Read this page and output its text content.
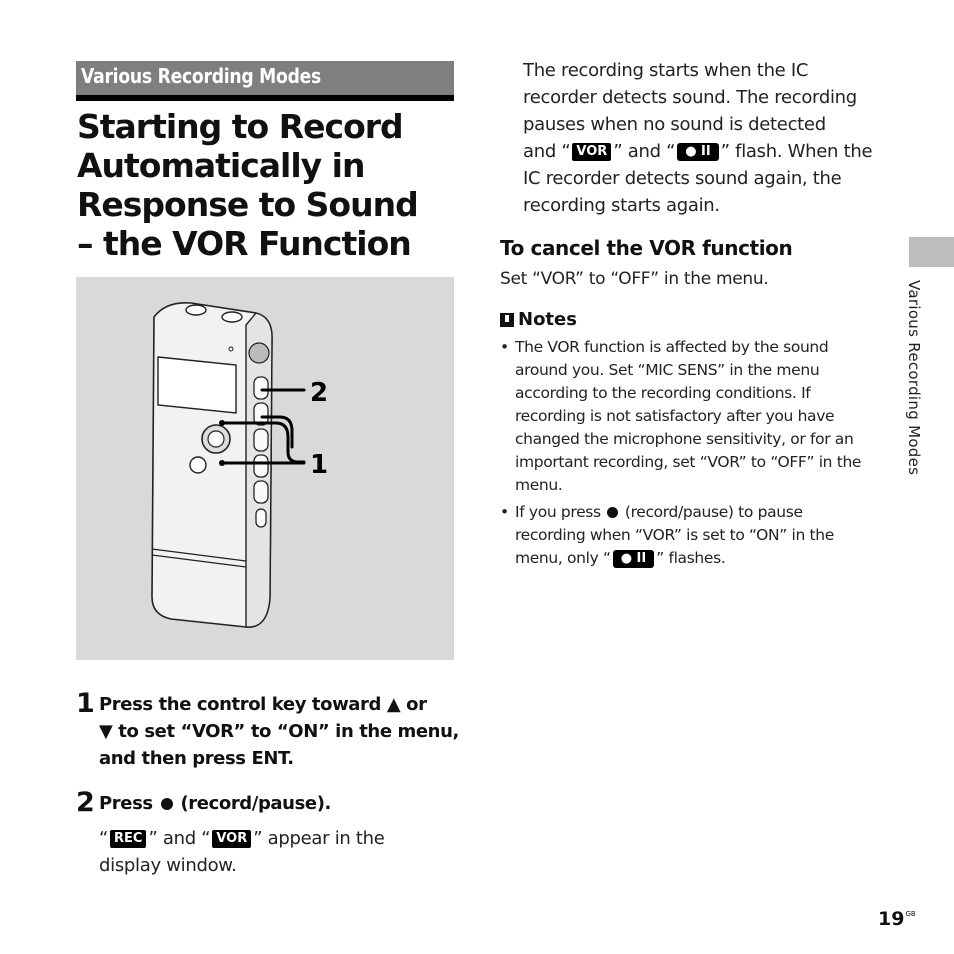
Various Recording Modes
Starting to Record
Automatically in
Response to Sound
– the VOR Function
2
1
1 Press the control key toward ▲ or
▼ to set “VOR” to “ON” in the menu,
and then press ENT.
2 Press (record/pause).
“ REC ” and “ VOR ” appear in the
display window.
The recording starts when the IC
recorder detects sound. The recording
pauses when no sound is detected
and “ VOR ” and “ ● II ” flash. When the
IC recorder detects sound again, the
recording starts again.
To cancel the VOR function
Set “VOR” to “OFF” in the menu.
Notes
• The VOR function is affected by the sound around you. Set “MIC SENS” in the menu according to the recording conditions. If recording is not satisfactory after you have changed the microphone sensitivity, or for an important recording, set “VOR” to “OFF” in the menu.
• If you press (record/pause) to pause recording when “VOR” is set to “ON” in the menu, only “ ● II ” flashes.
Various Recording Modes
$19^{GB}$
